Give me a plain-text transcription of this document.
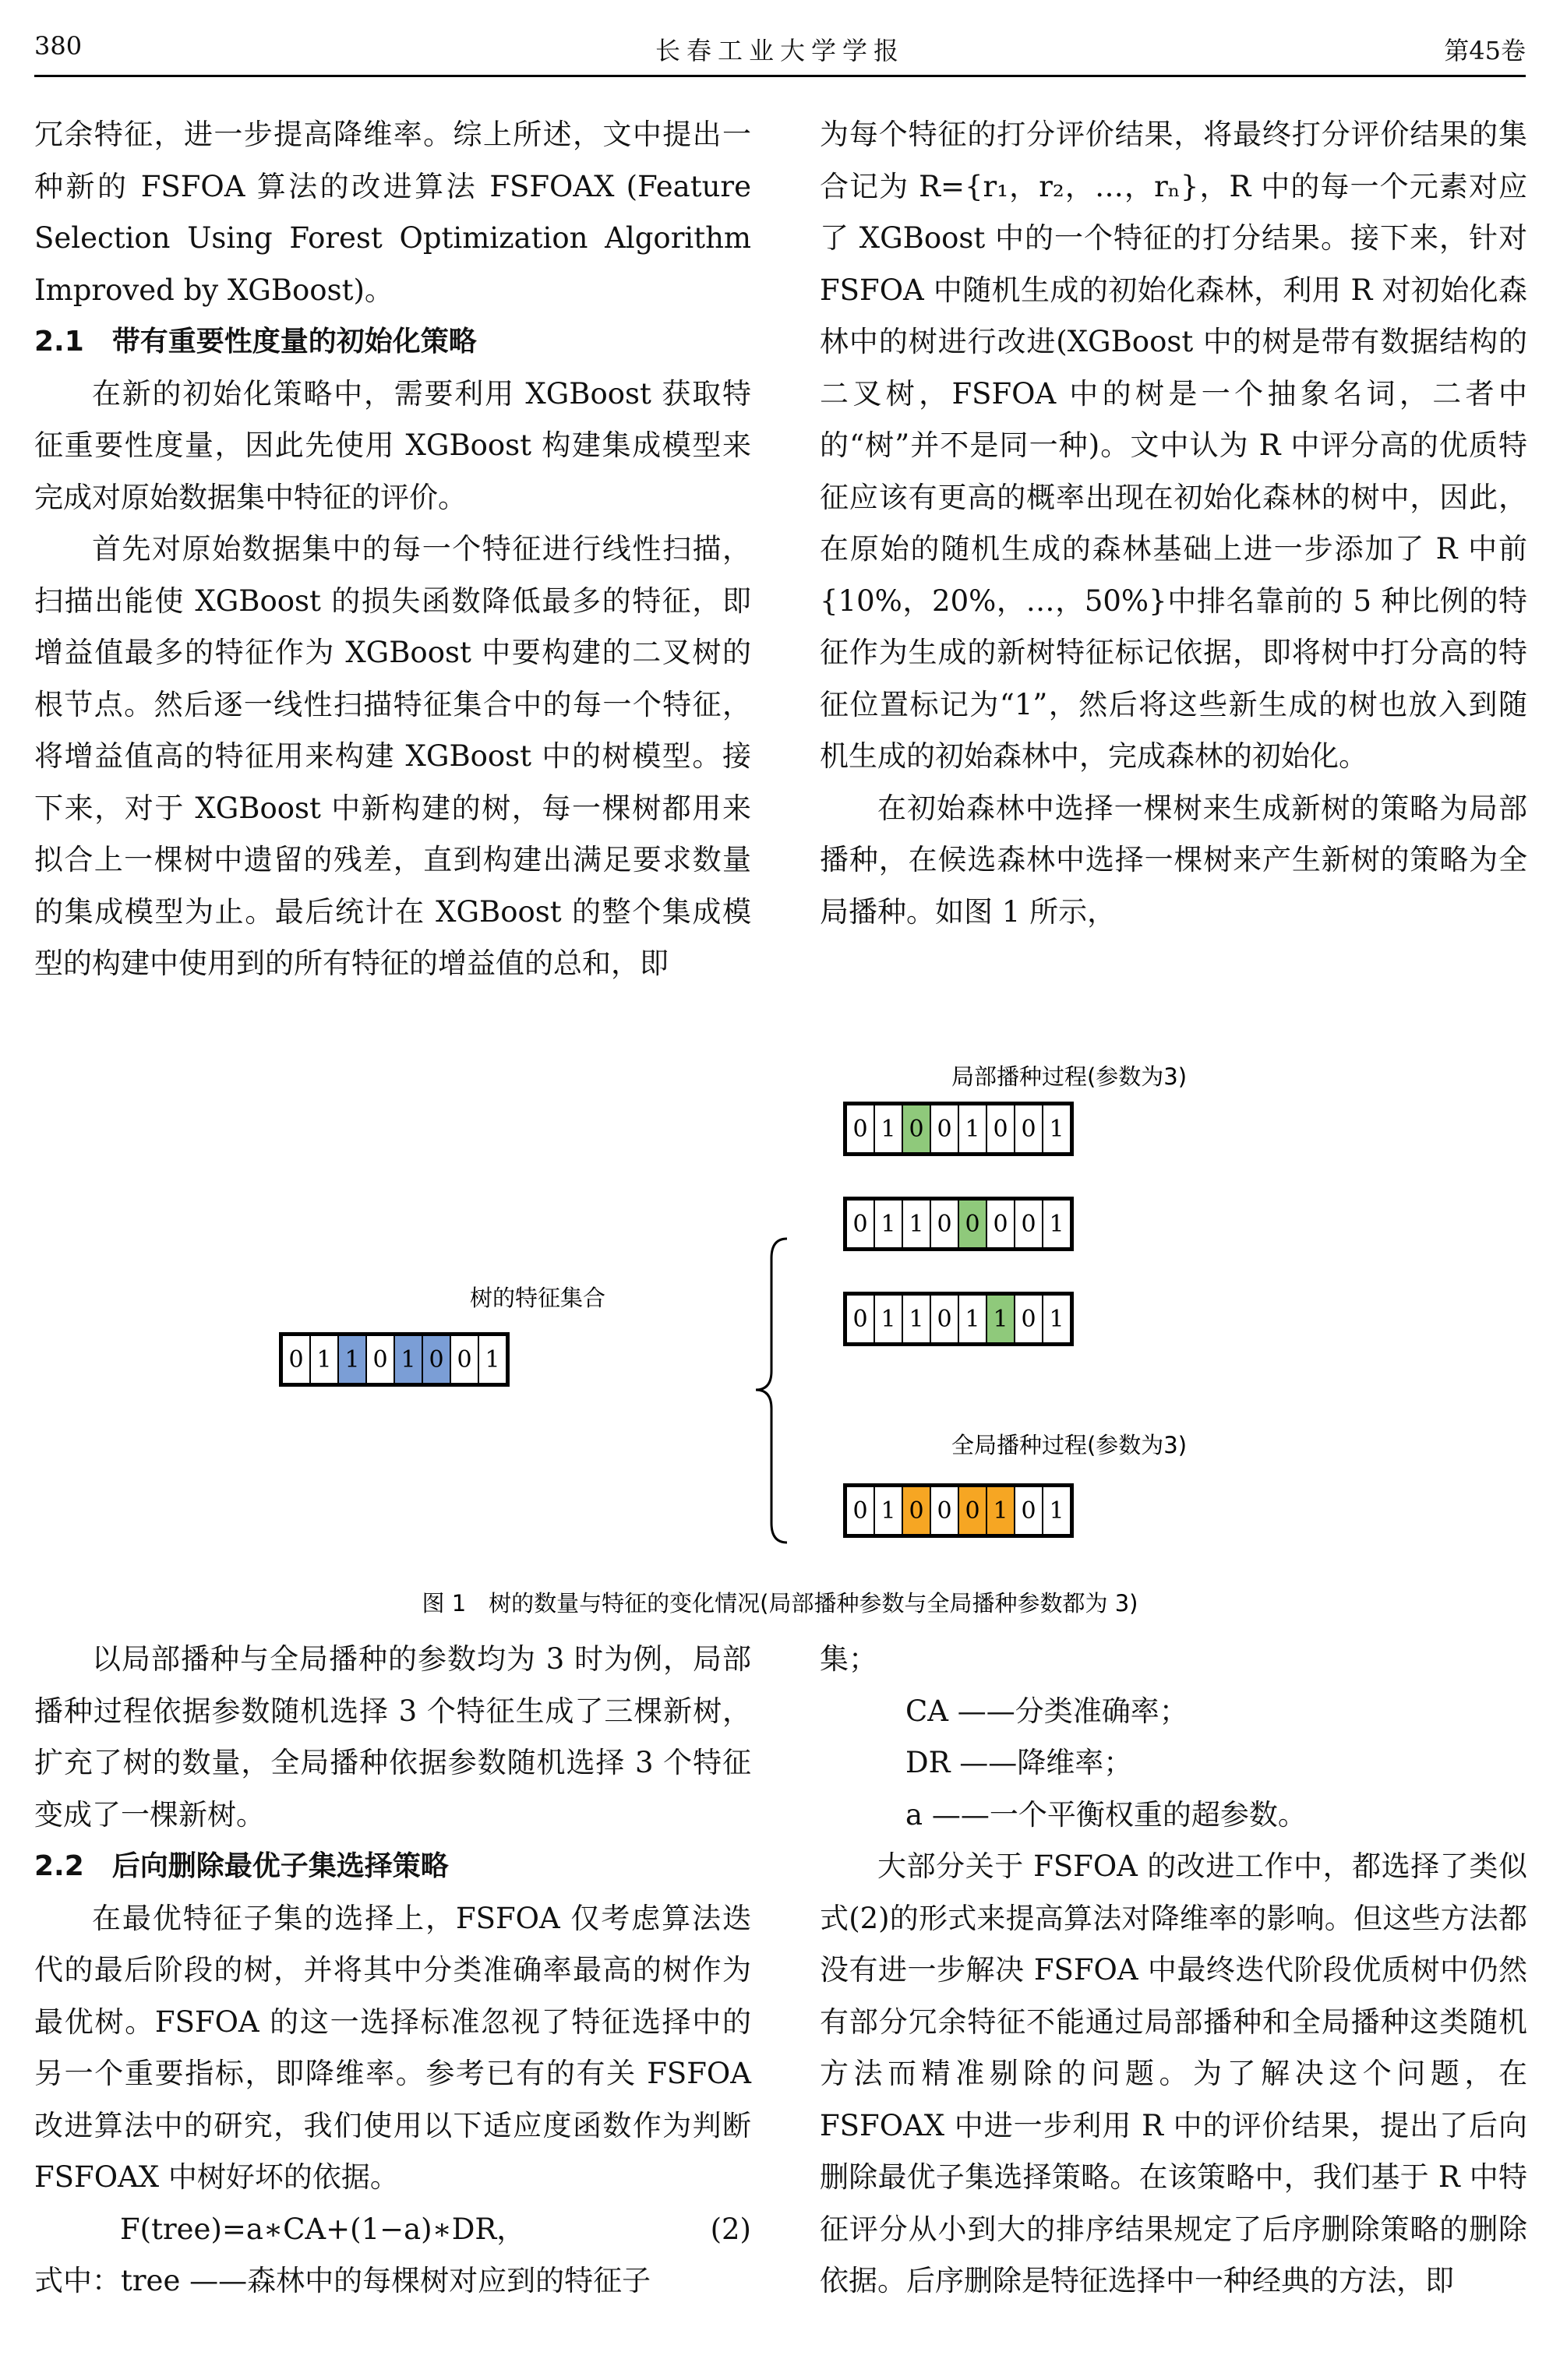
380	长春工业大学学报	第45卷

冗余特征，进一步提高降维率。综上所述，文中提出一种新的 FSFOA 算法的改进算法 FSFOAX (Feature Selection Using Forest Optimization Algorithm Improved by XGBoost)。

2.1　带有重要性度量的初始化策略

在新的初始化策略中，需要利用 XGBoost 获取特征重要性度量，因此先使用 XGBoost 构建集成模型来完成对原始数据集中特征的评价。

首先对原始数据集中的每一个特征进行线性扫描，扫描出能使 XGBoost 的损失函数降低最多的特征，即增益值最多的特征作为 XGBoost 中要构建的二叉树的根节点。然后逐一线性扫描特征集合中的每一个特征，将增益值高的特征用来构建 XGBoost 中的树模型。接下来，对于 XGBoost 中新构建的树，每一棵树都用来拟合上一棵树中遗留的残差，直到构建出满足要求数量的集成模型为止。最后统计在 XGBoost 的整个集成模型的构建中使用到的所有特征的增益值的总和，即

为每个特征的打分评价结果，将最终打分评价结果的集合记为 R={r₁，r₂，…，rₙ}，R 中的每一个元素对应了 XGBoost 中的一个特征的打分结果。接下来，针对 FSFOA 中随机生成的初始化森林，利用 R 对初始化森林中的树进行改进(XGBoost 中的树是带有数据结构的二叉树，FSFOA 中的树是一个抽象名词，二者中的“树”并不是同一种)。文中认为 R 中评分高的优质特征应该有更高的概率出现在初始化森林的树中，因此，在原始的随机生成的森林基础上进一步添加了 R 中前{10%，20%，…，50%}中排名靠前的 5 种比例的特征作为生成的新树特征标记依据，即将树中打分高的特征位置标记为“1”，然后将这些新生成的树也放入到随机生成的初始森林中，完成森林的初始化。

在初始森林中选择一棵树来生成新树的策略为局部播种，在候选森林中选择一棵树来产生新树的策略为全局播种。如图 1 所示，

树的特征集合
局部播种过程(参数为3)
全局播种过程(参数为3)
图 1　树的数量与特征的变化情况(局部播种参数与全局播种参数都为 3)
0 1 1 0 1 0 0 1
0 1 0 0 1 0 0 1
0 1 1 0 0 0 0 1
0 1 1 0 1 1 0 1
0 1 0 0 0 1 0 1

以局部播种与全局播种的参数均为 3 时为例，局部播种过程依据参数随机选择 3 个特征生成了三棵新树，扩充了树的数量，全局播种依据参数随机选择 3 个特征变成了一棵新树。

2.2　后向删除最优子集选择策略

在最优特征子集的选择上，FSFOA 仅考虑算法迭代的最后阶段的树，并将其中分类准确率最高的树作为最优树。FSFOA 的这一选择标准忽视了特征选择中的另一个重要指标，即降维率。参考已有的有关 FSFOA 改进算法中的研究，我们使用以下适应度函数作为判断 FSFOAX 中树好坏的依据。

F(tree)=a∗CA+(1−a)∗DR，	(2)

式中：tree ——森林中的每棵树对应到的特征子

集；

CA ——分类准确率；

DR ——降维率；

a ——一个平衡权重的超参数。

大部分关于 FSFOA 的改进工作中，都选择了类似式(2)的形式来提高算法对降维率的影响。但这些方法都没有进一步解决 FSFOA 中最终迭代阶段优质树中仍然有部分冗余特征不能通过局部播种和全局播种这类随机方法而精准剔除的问题。为了解决这个问题，在 FSFOAX 中进一步利用 R 中的评价结果，提出了后向删除最优子集选择策略。在该策略中，我们基于 R 中特征评分从小到大的排序结果规定了后序删除策略的删除依据。后序删除是特征选择中一种经典的方法，即
